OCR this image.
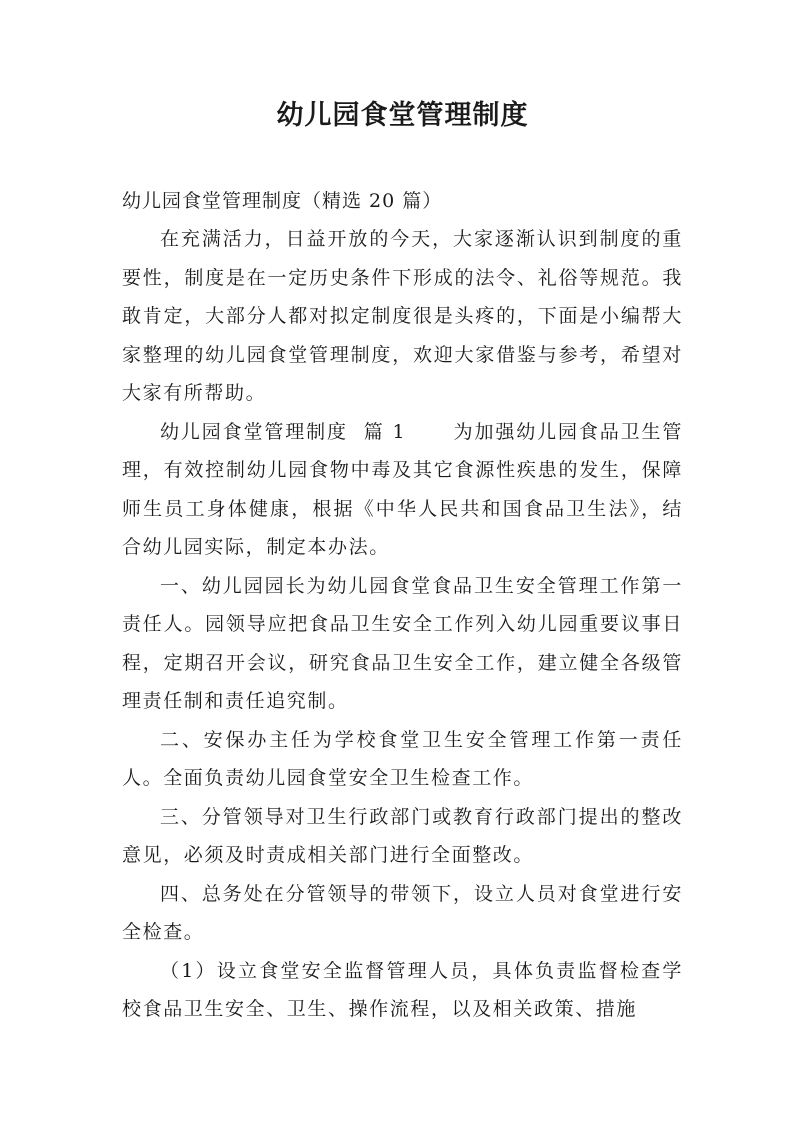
幼儿园食堂管理制度
幼儿园食堂管理制度（精选 20 篇）

在充满活力，日益开放的今天，大家逐渐认识到制度的重要性，制度是在一定历史条件下形成的法令、礼俗等规范。我敢肯定，大部分人都对拟定制度很是头疼的，下面是小编帮大家整理的幼儿园食堂管理制度，欢迎大家借鉴与参考，希望对大家有所帮助。

幼儿园食堂管理制度  篇 1      为加强幼儿园食品卫生管理，有效控制幼儿园食物中毒及其它食源性疾患的发生，保障师生员工身体健康，根据《中华人民共和国食品卫生法》，结合幼儿园实际，制定本办法。

一、幼儿园园长为幼儿园食堂食品卫生安全管理工作第一责任人。园领导应把食品卫生安全工作列入幼儿园重要议事日程，定期召开会议，研究食品卫生安全工作，建立健全各级管理责任制和责任追究制。

二、安保办主任为学校食堂卫生安全管理工作第一责任人。全面负责幼儿园食堂安全卫生检查工作。

三、分管领导对卫生行政部门或教育行政部门提出的整改意见，必须及时责成相关部门进行全面整改。

四、总务处在分管领导的带领下，设立人员对食堂进行安全检查。

（1）设立食堂安全监督管理人员，具体负责监督检查学校食品卫生安全、卫生、操作流程，以及相关政策、措施
